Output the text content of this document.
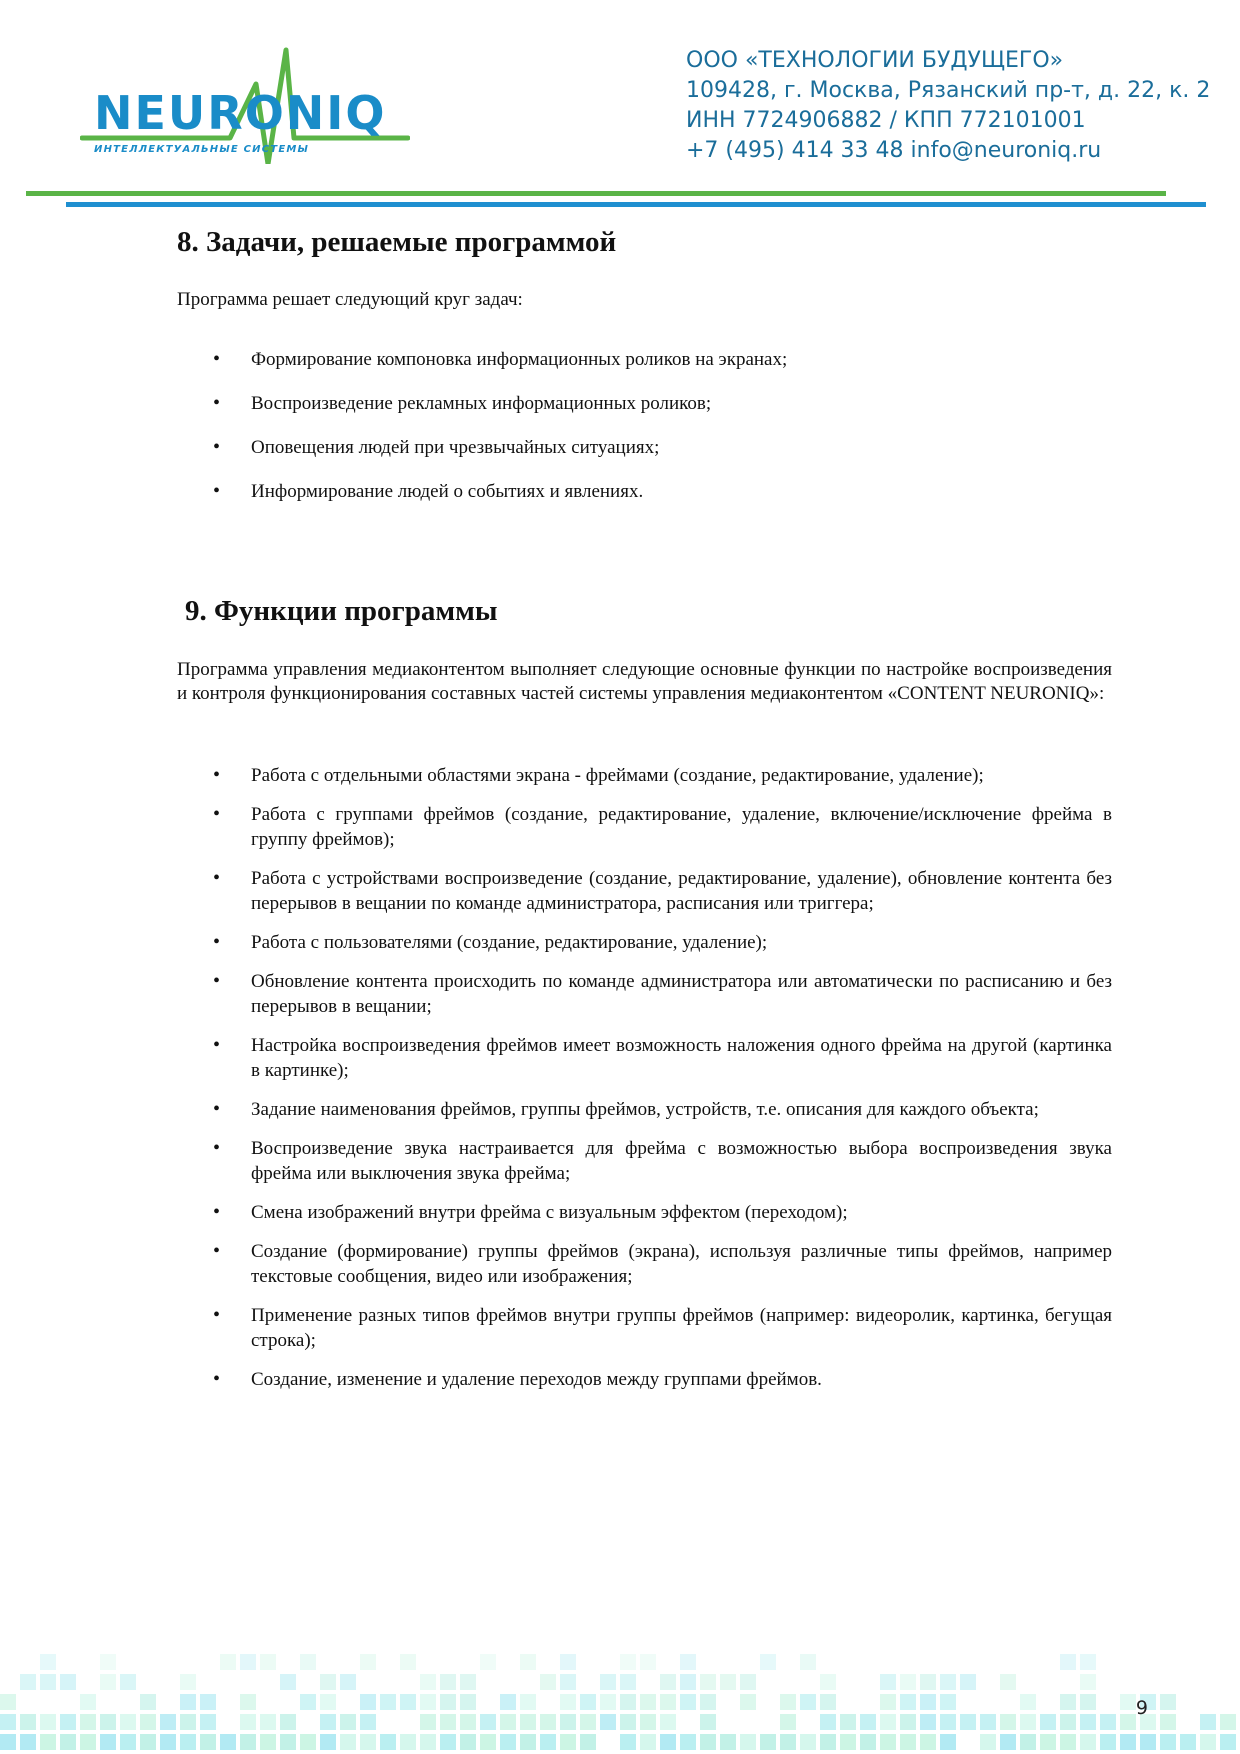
NEURONIQ
ИНТЕЛЛЕКТУАЛЬНЫЕ СИСТЕМЫ
ООО «ТЕХНОЛОГИИ БУДУЩЕГО»
109428, г. Москва, Рязанский пр-т, д. 22, к. 2
ИНН 7724906882 / КПП 772101001
+7 (495) 414 33 48 info@neuroniq.ru
8. Задачи, решаемые программой

Программа решает следующий круг задач:

• Формирование компоновка информационных роликов на экранах;
• Воспроизведение рекламных информационных роликов;
• Оповещения людей при чрезвычайных ситуациях;
• Информирование людей о событиях и явлениях.
9. Функции программы

Программа управления медиаконтентом выполняет следующие основные функции по настройке воспроизведения и контроля функционирования составных частей системы управления медиаконтентом «CONTENT NEURONIQ»:

• Работа с отдельными областями экрана - фреймами (создание, редактирование, удаление);
• Работа с группами фреймов (создание, редактирование, удаление, включение/исключение фрейма в группу фреймов);
• Работа с устройствами воспроизведение (создание, редактирование, удаление), обновление контента без перерывов в вещании по команде администратора, расписания или триггера;
• Работа с пользователями (создание, редактирование, удаление);
• Обновление контента происходить по команде администратора или автоматически по расписанию и без перерывов в вещании;
• Настройка воспроизведения фреймов имеет возможность наложения одного фрейма на другой (картинка в картинке);
• Задание наименования фреймов, группы фреймов, устройств, т.е. описания для каждого объекта;
• Воспроизведение звука настраивается для фрейма с возможностью выбора воспроизведения звука фрейма или выключения звука фрейма;
• Смена изображений внутри фрейма с визуальным эффектом (переходом);
• Создание (формирование) группы фреймов (экрана), используя различные типы фреймов, например текстовые сообщения, видео или изображения;
• Применение разных типов фреймов внутри группы фреймов (например: видеоролик, картинка, бегущая строка);
• Создание, изменение и удаление переходов между группами фреймов.
9
